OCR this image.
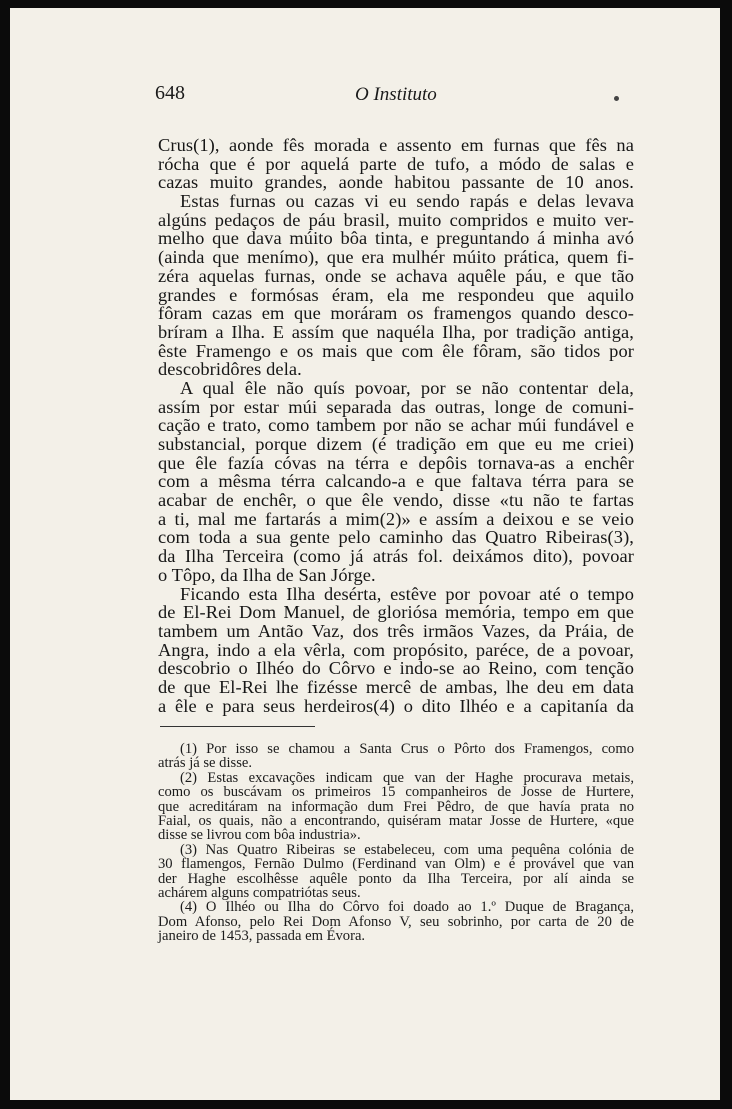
648	O Instituto
Crus(1), aonde fês morada e assento em furnas que fês na
rócha que é por aquelá parte de tufo, a módo de salas e
cazas muito grandes, aonde habitou passante de 10 anos.
Estas furnas ou cazas vi eu sendo rapás e delas levava
algúns pedaços de páu brasil, muito compridos e muito ver-
melho que dava múito bôa tinta, e preguntando á minha avó
(ainda que menímo), que era mulhér múito prática, quem fi-
zéra aquelas furnas, onde se achava aquêle páu, e que tão
grandes e formósas éram, ela me respondeu que aquilo
fôram cazas em que moráram os framengos quando desco-
bríram a Ilha. E assím que naquéla Ilha, por tradição antiga,
êste Framengo e os mais que com êle fôram, são tidos por
descobridôres dela.
A qual êle não quís povoar, por se não contentar dela,
assím por estar múi separada das outras, longe de comuni-
cação e trato, como tambem por não se achar múi fundável e
substancial, porque dizem (é tradição em que eu me criei)
que êle fazía cóvas na térra e depôis tornava-as a enchêr
com a mêsma térra calcando-a e que faltava térra para se
acabar de enchêr, o que êle vendo, disse «tu não te fartas
a ti, mal me fartarás a mim(2)» e assím a deixou e se veio
com toda a sua gente pelo caminho das Quatro Ribeiras(3),
da Ilha Terceira (como já atrás fol. deixámos dito), povoar
o Tôpo, da Ilha de San Jórge.
Ficando esta Ilha desérta, estêve por povoar até o tempo
de El-Rei Dom Manuel, de gloriósa memória, tempo em que
tambem um Antão Vaz, dos três irmãos Vazes, da Práia, de
Angra, indo a ela vêrla, com propósito, paréce, de a povoar,
descobrio o Ilhéo do Côrvo e indo-se ao Reino, com tenção
de que El-Rei lhe fizésse mercê de ambas, lhe deu em data
a êle e para seus herdeiros(4) o dito Ilhéo e a capitanía da
(1) Por isso se chamou a Santa Crus o Pôrto dos Framengos, como
atrás já se disse.
(2) Estas excavações indicam que van der Haghe procurava metais,
como os buscávam os primeiros 15 companheiros de Josse de Hurtere,
que acreditáram na informação dum Frei Pêdro, de que havía prata no
Faial, os quais, não a encontrando, quiséram matar Josse de Hurtere, «que
disse se livrou com bôa industria».
(3) Nas Quatro Ribeiras se estabeleceu, com uma pequêna colónia de
30 flamengos, Fernão Dulmo (Ferdinand van Olm) e é provável que van
der Haghe escolhêsse aquêle ponto da Ilha Terceira, por alí ainda se
achárem alguns compatriótas seus.
(4) O Ilhéo ou Ilha do Côrvo foi doado ao 1.º Duque de Bragança,
Dom Afonso, pelo Rei Dom Afonso V, seu sobrinho, por carta de 20 de
janeiro de 1453, passada em Évora.
